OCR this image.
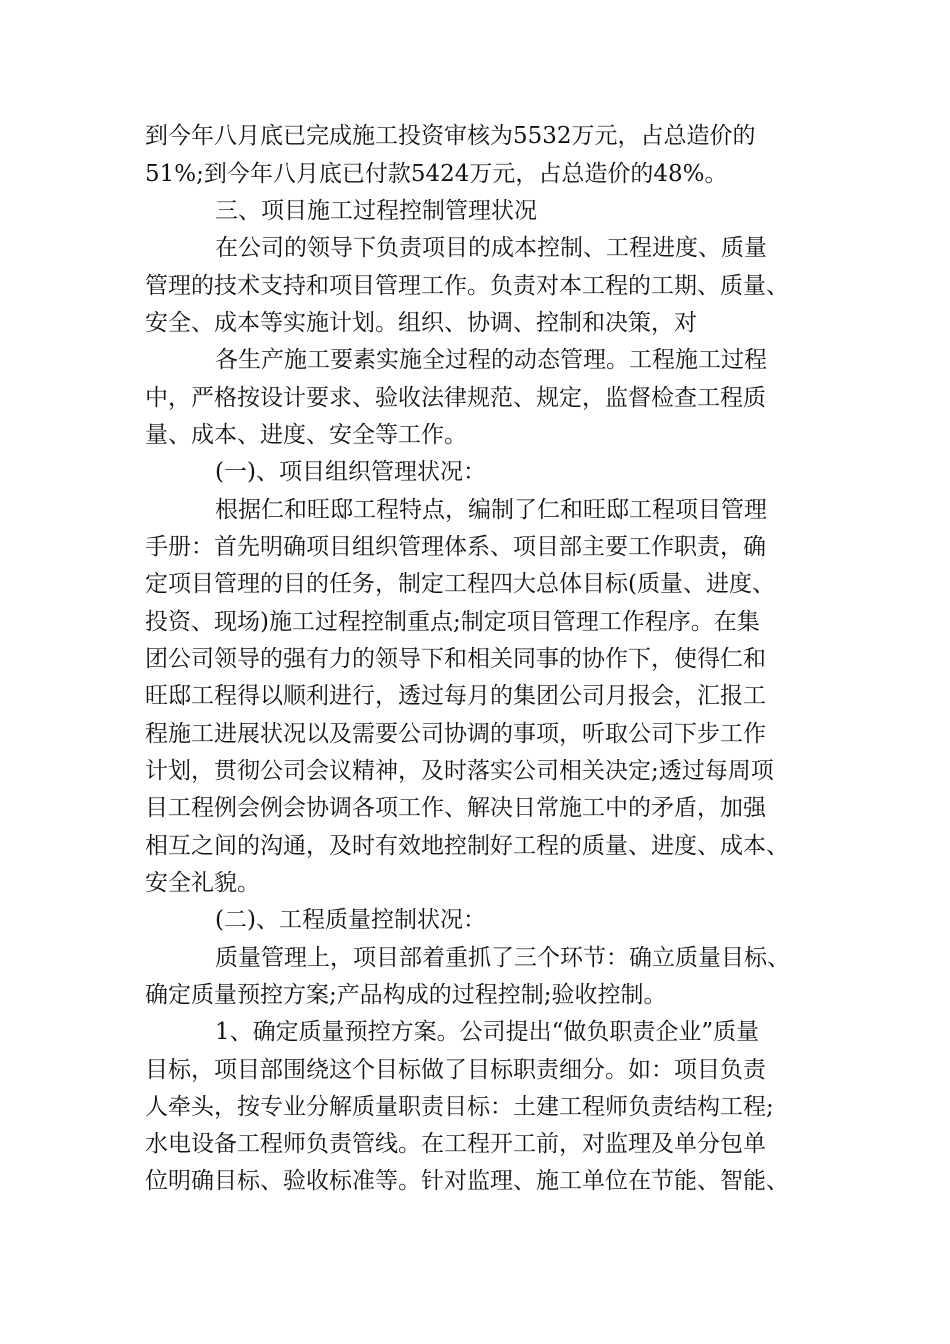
到今年八月底已完成施工投资审核为5532万元，占总造价的

51%;到今年八月底已付款5424万元，占总造价的48%。

三、项目施工过程控制管理状况

在公司的领导下负责项目的成本控制、工程进度、质量

管理的技术支持和项目管理工作。负责对本工程的工期、质量、

安全、成本等实施计划。组织、协调、控制和决策，对

各生产施工要素实施全过程的动态管理。工程施工过程

中，严格按设计要求、验收法律规范、规定，监督检查工程质

量、成本、进度、安全等工作。

(一)、项目组织管理状况：

根据仁和旺邸工程特点，编制了仁和旺邸工程项目管理

手册：首先明确项目组织管理体系、项目部主要工作职责，确

定项目管理的目的任务，制定工程四大总体目标(质量、进度、

投资、现场)施工过程控制重点;制定项目管理工作程序。在集

团公司领导的强有力的领导下和相关同事的协作下，使得仁和

旺邸工程得以顺利进行，透过每月的集团公司月报会，汇报工

程施工进展状况以及需要公司协调的事项，听取公司下步工作

计划，贯彻公司会议精神，及时落实公司相关决定;透过每周项

目工程例会例会协调各项工作、解决日常施工中的矛盾，加强

相互之间的沟通，及时有效地控制好工程的质量、进度、成本、

安全礼貌。

(二)、工程质量控制状况：

质量管理上，项目部着重抓了三个环节：确立质量目标、

确定质量预控方案;产品构成的过程控制;验收控制。

1、确定质量预控方案。公司提出“做负职责企业”质量

目标，项目部围绕这个目标做了目标职责细分。如：项目负责

人牵头，按专业分解质量职责目标：土建工程师负责结构工程;

水电设备工程师负责管线。在工程开工前，对监理及单分包单

位明确目标、验收标准等。针对监理、施工单位在节能、智能、
